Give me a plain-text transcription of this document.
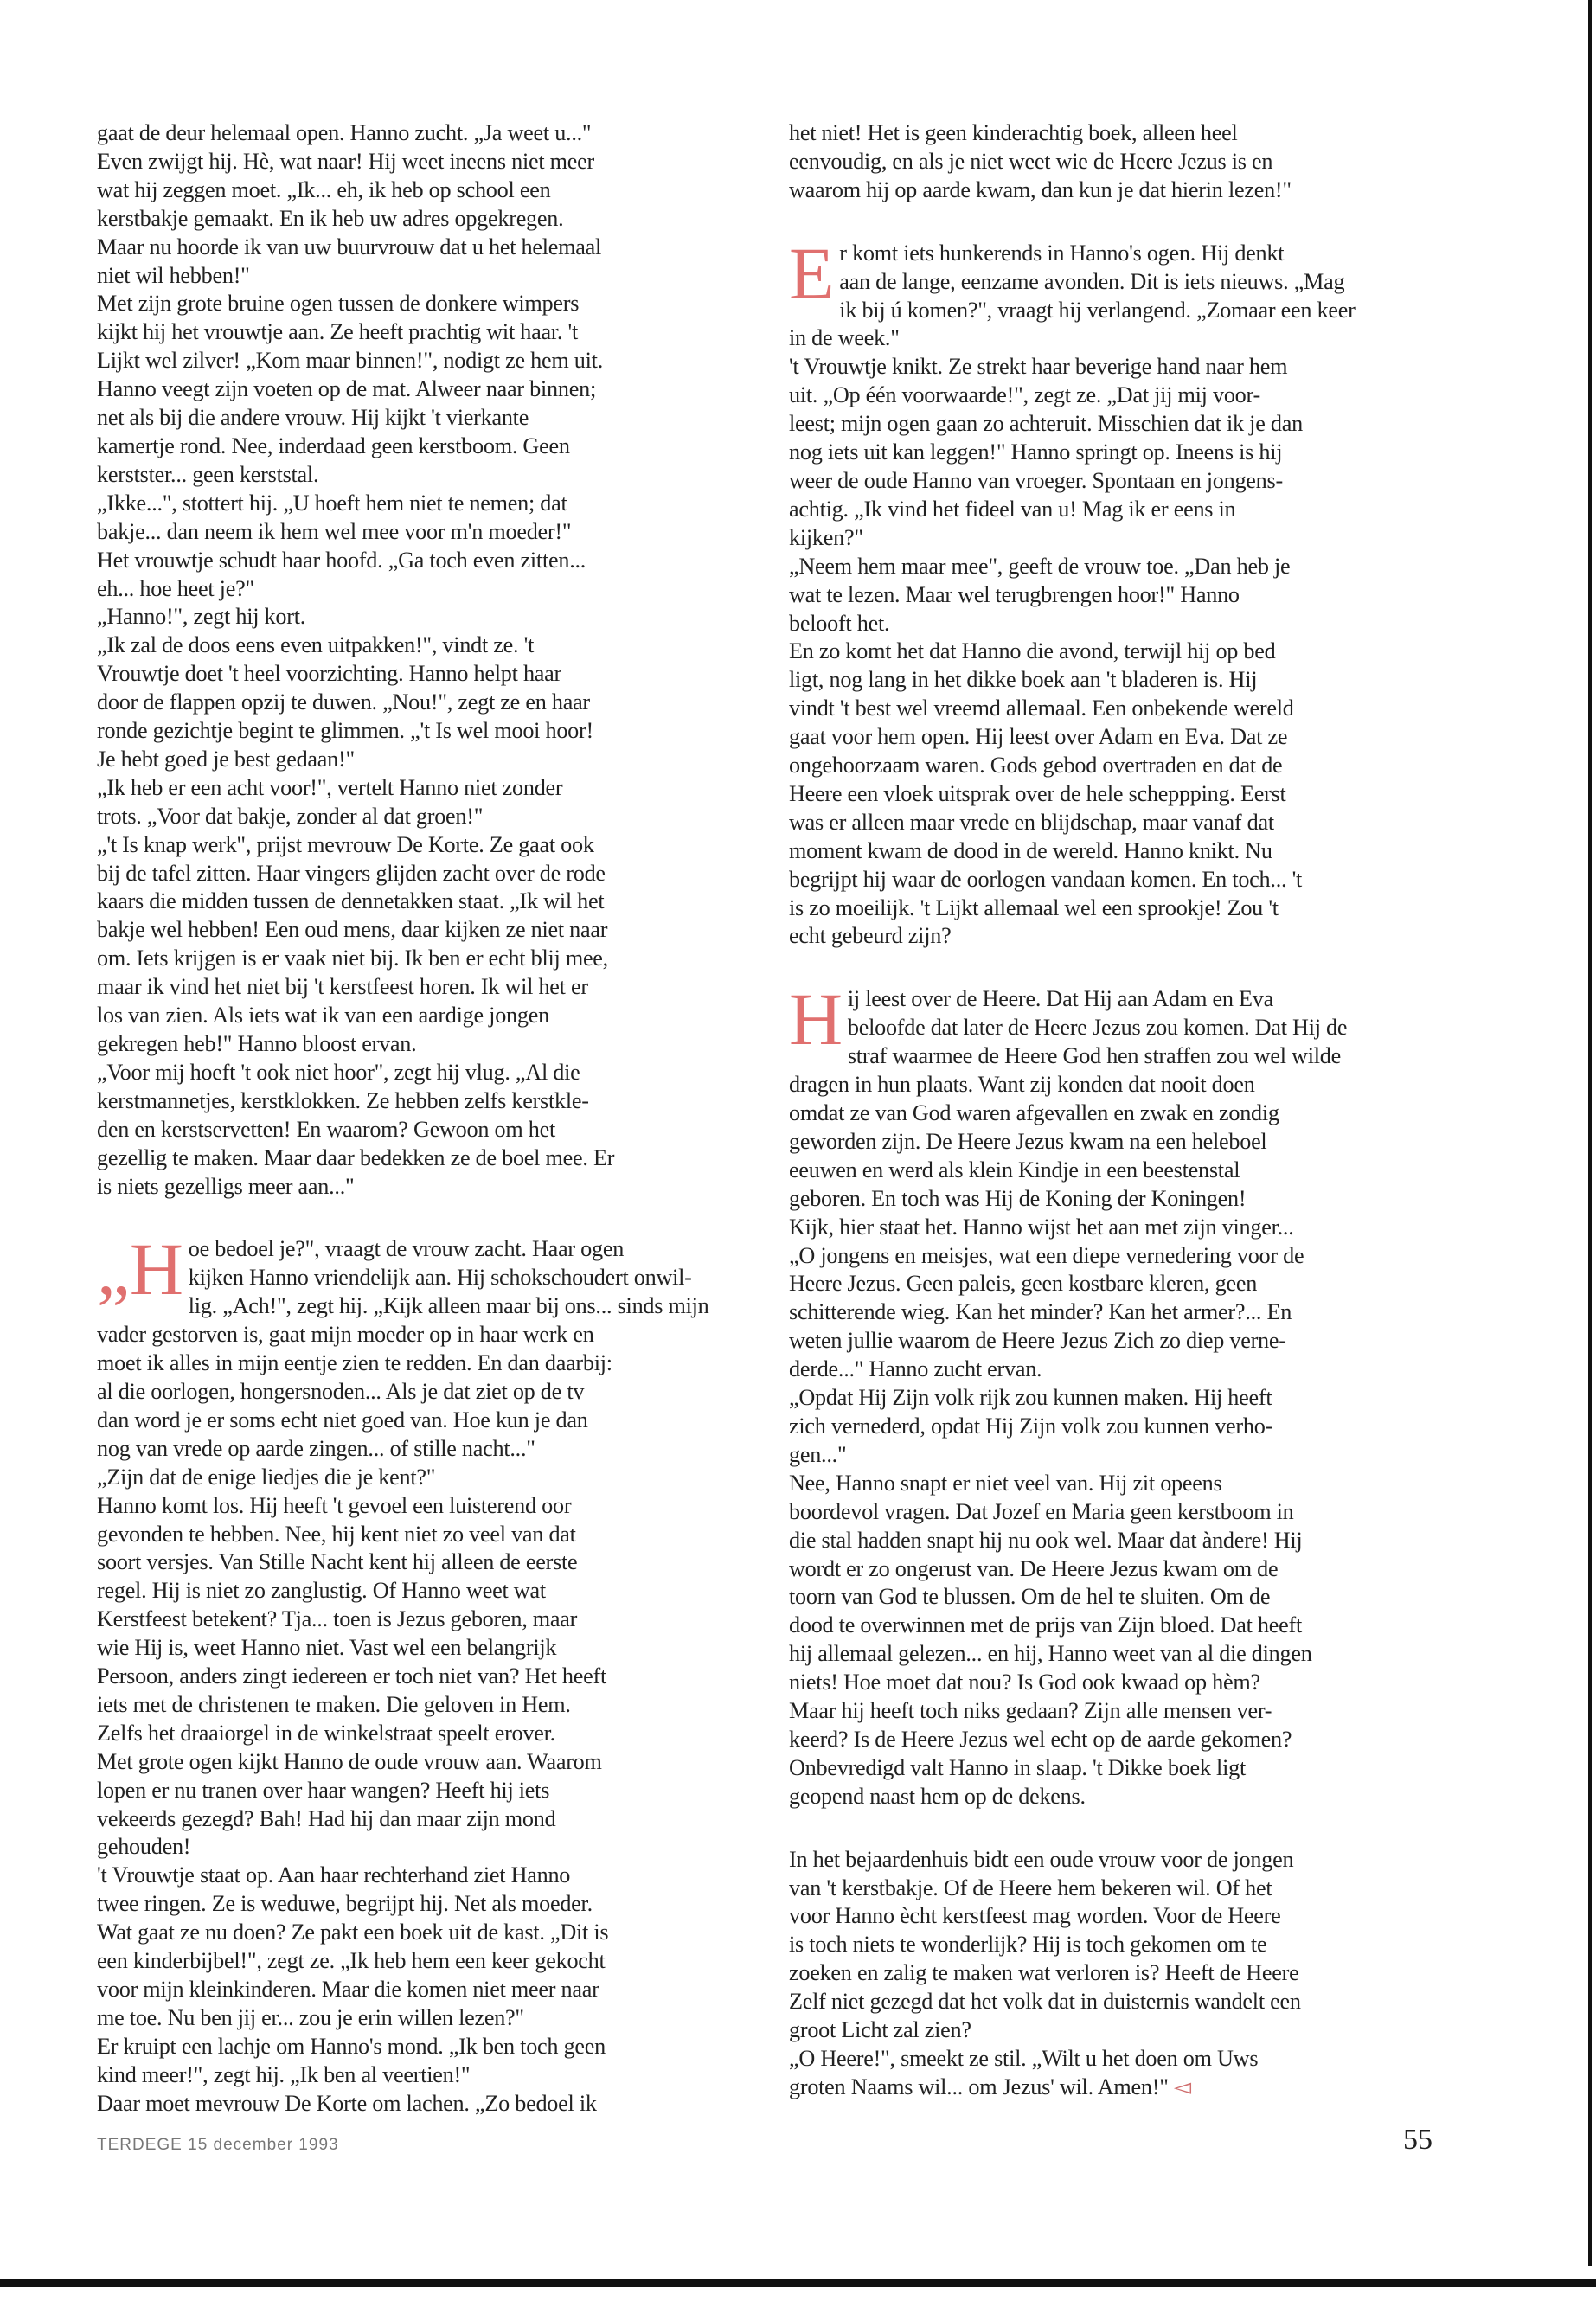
gaat de deur helemaal open. Hanno zucht. „Ja weet u..."
Even zwijgt hij. Hè, wat naar! Hij weet ineens niet meer
wat hij zeggen moet. „Ik... eh, ik heb op school een
kerstbakje gemaakt. En ik heb uw adres opgekregen.
Maar nu hoorde ik van uw buurvrouw dat u het helemaal
niet wil hebben!"
Met zijn grote bruine ogen tussen de donkere wimpers
kijkt hij het vrouwtje aan. Ze heeft prachtig wit haar. 't
Lijkt wel zilver! „Kom maar binnen!", nodigt ze hem uit.
Hanno veegt zijn voeten op de mat. Alweer naar binnen;
net als bij die andere vrouw. Hij kijkt 't vierkante
kamertje rond. Nee, inderdaad geen kerstboom. Geen
kerstster... geen kerststal.
„Ikke...", stottert hij. „U hoeft hem niet te nemen; dat
bakje... dan neem ik hem wel mee voor m'n moeder!"
Het vrouwtje schudt haar hoofd. „Ga toch even zitten...
eh... hoe heet je?"
„Hanno!", zegt hij kort.
„Ik zal de doos eens even uitpakken!", vindt ze. 't
Vrouwtje doet 't heel voorzichting. Hanno helpt haar
door de flappen opzij te duwen. „Nou!", zegt ze en haar
ronde gezichtje begint te glimmen. „'t Is wel mooi hoor!
Je hebt goed je best gedaan!"
„Ik heb er een acht voor!", vertelt Hanno niet zonder
trots. „Voor dat bakje, zonder al dat groen!"
„'t Is knap werk", prijst mevrouw De Korte. Ze gaat ook
bij de tafel zitten. Haar vingers glijden zacht over de rode
kaars die midden tussen de dennetakken staat. „Ik wil het
bakje wel hebben! Een oud mens, daar kijken ze niet naar
om. Iets krijgen is er vaak niet bij. Ik ben er echt blij mee,
maar ik vind het niet bij 't kerstfeest horen. Ik wil het er
los van zien. Als iets wat ik van een aardige jongen
gekregen heb!" Hanno bloost ervan.
„Voor mij hoeft 't ook niet hoor", zegt hij vlug. „Al die
kerstmannetjes, kerstklokken. Ze hebben zelfs kerstkle-
den en kerstservetten! En waarom? Gewoon om het
gezellig te maken. Maar daar bedekken ze de boel mee. Er
is niets gezelligs meer aan..."

„H oe bedoel je?", vraagt de vrouw zacht. Haar ogen
kijken Hanno vriendelijk aan. Hij schokschoudert onwil-
lig. „Ach!", zegt hij. „Kijk alleen maar bij ons... sinds mijn
vader gestorven is, gaat mijn moeder op in haar werk en
moet ik alles in mijn eentje zien te redden. En dan daarbij:
al die oorlogen, hongersnoden... Als je dat ziet op de tv
dan word je er soms echt niet goed van. Hoe kun je dan
nog van vrede op aarde zingen... of stille nacht..."
„Zijn dat de enige liedjes die je kent?"
Hanno komt los. Hij heeft 't gevoel een luisterend oor
gevonden te hebben. Nee, hij kent niet zo veel van dat
soort versjes. Van Stille Nacht kent hij alleen de eerste
regel. Hij is niet zo zanglustig. Of Hanno weet wat
Kerstfeest betekent? Tja... toen is Jezus geboren, maar
wie Hij is, weet Hanno niet. Vast wel een belangrijk
Persoon, anders zingt iedereen er toch niet van? Het heeft
iets met de christenen te maken. Die geloven in Hem.
Zelfs het draaiorgel in de winkelstraat speelt erover.
Met grote ogen kijkt Hanno de oude vrouw aan. Waarom
lopen er nu tranen over haar wangen? Heeft hij iets
vekeerds gezegd? Bah! Had hij dan maar zijn mond
gehouden!
't Vrouwtje staat op. Aan haar rechterhand ziet Hanno
twee ringen. Ze is weduwe, begrijpt hij. Net als moeder.
Wat gaat ze nu doen? Ze pakt een boek uit de kast. „Dit is
een kinderbijbel!", zegt ze. „Ik heb hem een keer gekocht
voor mijn kleinkinderen. Maar die komen niet meer naar
me toe. Nu ben jij er... zou je erin willen lezen?"
Er kruipt een lachje om Hanno's mond. „Ik ben toch geen
kind meer!", zegt hij. „Ik ben al veertien!"
Daar moet mevrouw De Korte om lachen. „Zo bedoel ik

het niet! Het is geen kinderachtig boek, alleen heel
eenvoudig, en als je niet weet wie de Heere Jezus is en
waarom hij op aarde kwam, dan kun je dat hierin lezen!"

Er komt iets hunkerends in Hanno's ogen. Hij denkt
aan de lange, eenzame avonden. Dit is iets nieuws. „Mag
ik bij ú komen?", vraagt hij verlangend. „Zomaar een keer
in de week."
't Vrouwtje knikt. Ze strekt haar beverige hand naar hem
uit. „Op één voorwaarde!", zegt ze. „Dat jij mij voor-
leest; mijn ogen gaan zo achteruit. Misschien dat ik je dan
nog iets uit kan leggen!" Hanno springt op. Ineens is hij
weer de oude Hanno van vroeger. Spontaan en jongens-
achtig. „Ik vind het fideel van u! Mag ik er eens in
kijken?"
„Neem hem maar mee", geeft de vrouw toe. „Dan heb je
wat te lezen. Maar wel terugbrengen hoor!" Hanno
belooft het.
En zo komt het dat Hanno die avond, terwijl hij op bed
ligt, nog lang in het dikke boek aan 't bladeren is. Hij
vindt 't best wel vreemd allemaal. Een onbekende wereld
gaat voor hem open. Hij leest over Adam en Eva. Dat ze
ongehoorzaam waren. Gods gebod overtraden en dat de
Heere een vloek uitsprak over de hele scheppping. Eerst
was er alleen maar vrede en blijdschap, maar vanaf dat
moment kwam de dood in de wereld. Hanno knikt. Nu
begrijpt hij waar de oorlogen vandaan komen. En toch... 't
is zo moeilijk. 't Lijkt allemaal wel een sprookje! Zou 't
echt gebeurd zijn?

Hij leest over de Heere. Dat Hij aan Adam en Eva
beloofde dat later de Heere Jezus zou komen. Dat Hij de
straf waarmee de Heere God hen straffen zou wel wilde
dragen in hun plaats. Want zij konden dat nooit doen
omdat ze van God waren afgevallen en zwak en zondig
geworden zijn. De Heere Jezus kwam na een heleboel
eeuwen en werd als klein Kindje in een beestenstal
geboren. En toch was Hij de Koning der Koningen!
Kijk, hier staat het. Hanno wijst het aan met zijn vinger...
„O jongens en meisjes, wat een diepe vernedering voor de
Heere Jezus. Geen paleis, geen kostbare kleren, geen
schitterende wieg. Kan het minder? Kan het armer?... En
weten jullie waarom de Heere Jezus Zich zo diep verne-
derde..." Hanno zucht ervan.
„Opdat Hij Zijn volk rijk zou kunnen maken. Hij heeft
zich vernederd, opdat Hij Zijn volk zou kunnen verho-
gen..."
Nee, Hanno snapt er niet veel van. Hij zit opeens
boordevol vragen. Dat Jozef en Maria geen kerstboom in
die stal hadden snapt hij nu ook wel. Maar dat àndere! Hij
wordt er zo ongerust van. De Heere Jezus kwam om de
toorn van God te blussen. Om de hel te sluiten. Om de
dood te overwinnen met de prijs van Zijn bloed. Dat heeft
hij allemaal gelezen... en hij, Hanno weet van al die dingen
niets! Hoe moet dat nou? Is God ook kwaad op hèm?
Maar hij heeft toch niks gedaan? Zijn alle mensen ver-
keerd? Is de Heere Jezus wel echt op de aarde gekomen?
Onbevredigd valt Hanno in slaap. 't Dikke boek ligt
geopend naast hem op de dekens.

In het bejaardenhuis bidt een oude vrouw voor de jongen
van 't kerstbakje. Of de Heere hem bekeren wil. Of het
voor Hanno ècht kerstfeest mag worden. Voor de Heere
is toch niets te wonderlijk? Hij is toch gekomen om te
zoeken en zalig te maken wat verloren is? Heeft de Heere
Zelf niet gezegd dat het volk dat in duisternis wandelt een
groot Licht zal zien?
„O Heere!", smeekt ze stil. „Wilt u het doen om Uws
groten Naams wil... om Jezus' wil. Amen!" ◅

TERDEGE 15 december 1993	55
